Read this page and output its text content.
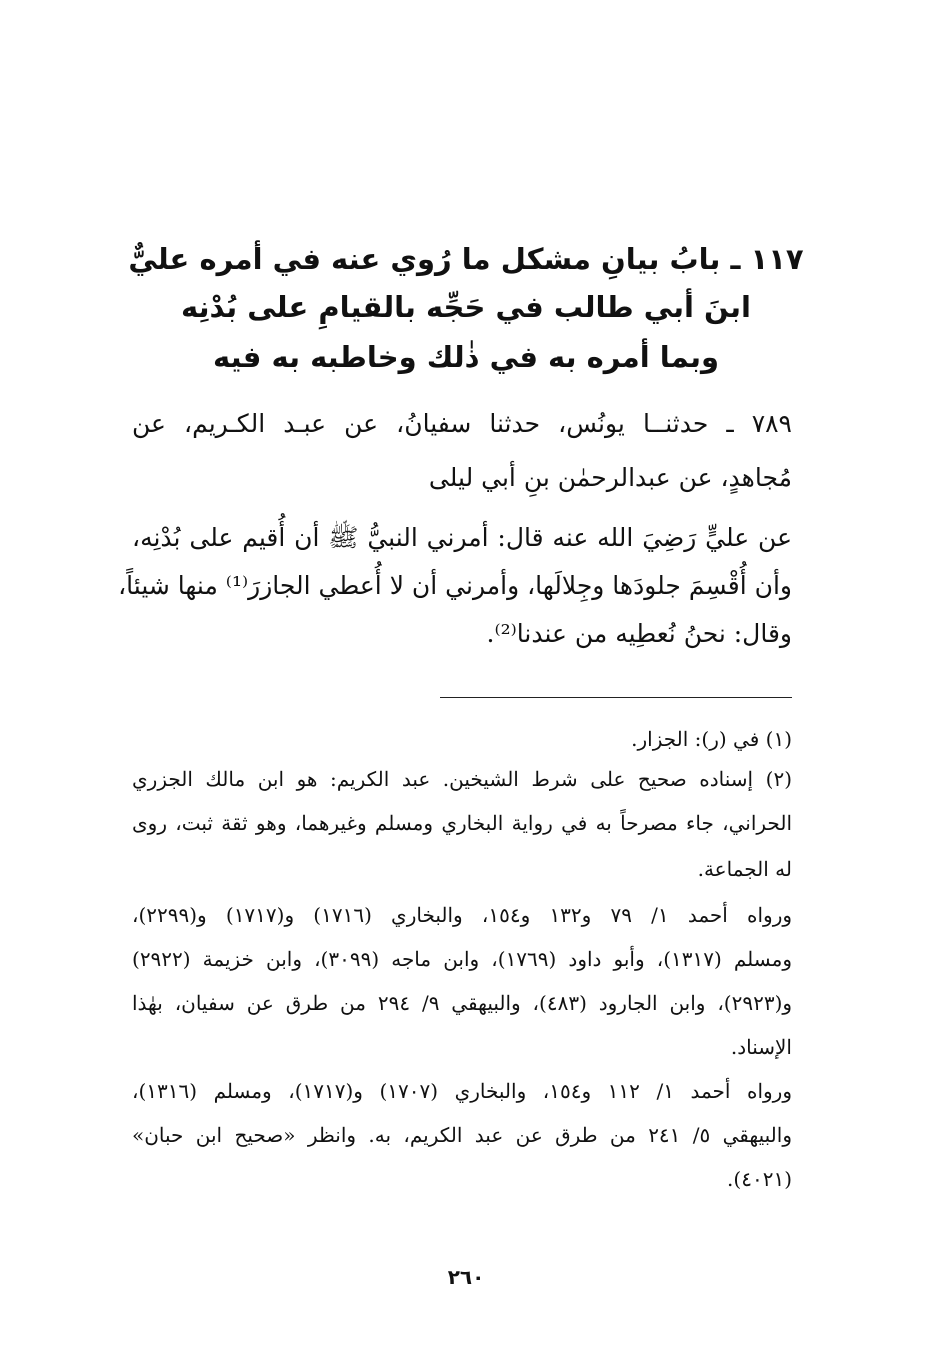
١١٧ ـ بابُ بيانِ مشكل ما رُوي عنه في أمره عليٌّ
ابنَ أبي طالب في حَجِّه بالقيامِ على بُدْنِه
وبما أمره به في ذٰلك وخاطبه به فيه
٧٨٩ ـ حدثنــا يونُس، حدثنا سفيانُ، عن عبـد الكـريم، عن
مُجاهدٍ، عن عبدالرحمٰن بنِ أبي ليلى
عن عليٍّ رَضِيَ الله عنه قال: أمرني النبيُّ ﷺ أن أُقيم على بُدْنِه،
وأن أُقْسِمَ جلودَها وجِلالَها، وأمرني أن لا أُعطي الجازرَ⁽¹⁾ منها شيئاً،
وقال: نحنُ نُعطِيه من عندنا⁽²⁾.
(١) في (ر): الجزار.
(٢) إسناده صحيح على شرط الشيخين. عبد الكريم: هو ابن مالك الجزري
الحراني، جاء مصرحاً به في رواية البخاري ومسلم وغيرهما، وهو ثقة ثبت، روى
له الجماعة.
ورواه أحمد ١/ ٧٩ و١٣٢ و١٥٤، والبخاري (١٧١٦) و(١٧١٧) و(٢٢٩٩)،
ومسلم (١٣١٧)، وأبو داود (١٧٦٩)، وابن ماجه (٣٠٩٩)، وابن خزيمة (٢٩٢٢)
و(٢٩٢٣)، وابن الجارود (٤٨٣)، والبيهقي ٩/ ٢٩٤ من طرق عن سفيان، بهٰذا
الإسناد.
ورواه أحمد ١/ ١١٢ و١٥٤، والبخاري (١٧٠٧) و(١٧١٧)، ومسلم (١٣١٦)،
والبيهقي ٥/ ٢٤١ من طرق عن عبد الكريم، به. وانظر «صحيح ابن حبان»
(٤٠٢١).
٢٦٠
